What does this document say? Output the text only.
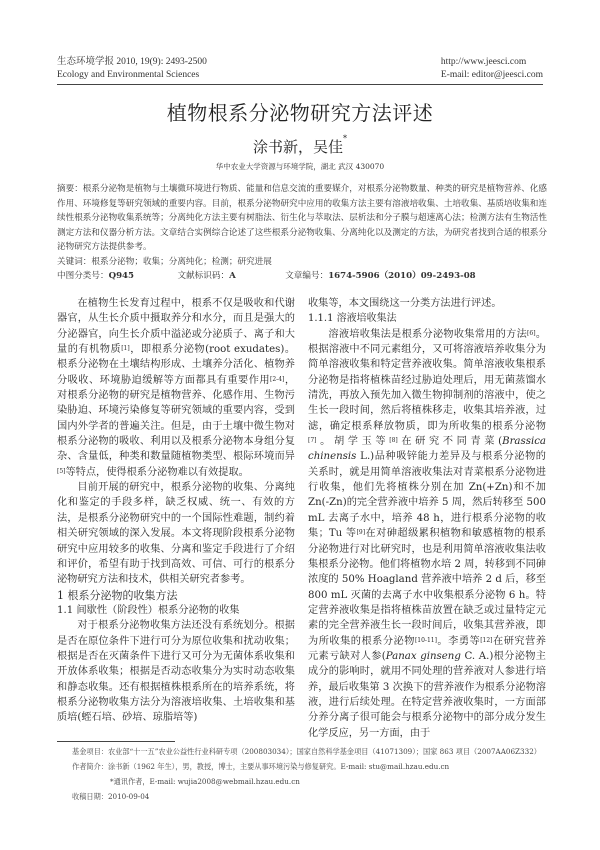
生态环境学报 2010, 19(9): 2493-2500
Ecology and Environmental Sciences
http://www.jeesci.com
E-mail: editor@jeesci.com
植物根系分泌物研究方法评述
涂书新，吴佳*
华中农业大学资源与环境学院，湖北 武汉 430070
摘要：根系分泌物是植物与土壤微环境进行物质、能量和信息交流的重要媒介，对根系分泌物数量、种类的研究是植物营养、化感作用、环境修复等研究领域的重要内容。目前，根系分泌物研究中应用的收集方法主要有溶液培收集、土培收集、基质培收集和连续性根系分泌物收集系统等；分离纯化方法主要有树脂法、衍生化与萃取法、层析法和分子膜与超速离心法；检测方法有生物活性测定方法和仪器分析方法。文章结合实例综合论述了这些根系分泌物收集、分离纯化以及测定的方法，为研究者找到合适的根系分泌物研究方法提供参考。
关键词：根系分泌物；收集；分离纯化；检测；研究进展
中图分类号：Q945	文献标识码：A	文章编号：1674-5906（2010）09-2493-08

在植物生长发育过程中，根系不仅是吸收和代谢器官，从生长介质中摄取养分和水分，而且是强大的分泌器官，向生长介质中溢泌或分泌质子、离子和大量的有机物质[1]，即根系分泌物(root exudates)。根系分泌物在土壤结构形成、土壤养分活化、植物养分吸收、环境胁迫缓解等方面都具有重要作用[2-4]，对根系分泌物的研究是植物营养、化感作用、生物污染胁迫、环境污染修复等研究领域的重要内容，受到国内外学者的普遍关注。但是，由于土壤中微生物对根系分泌物的吸收、利用以及根系分泌物本身组分复杂、含量低，种类和数量随植物类型、根际环境而异[5]等特点，使得根系分泌物难以有效提取。

目前开展的研究中，根系分泌物的收集、分离纯化和鉴定的手段多样，缺乏权威、统一、有效的方法，是根系分泌物研究中的一个国际性难题，制约着相关研究领域的深入发展。本文将现阶段根系分泌物研究中应用较多的收集、分离和鉴定手段进行了介绍和评价，希望有助于找到高效、可信、可行的根系分泌物研究方法和技术，供相关研究者参考。

1 根系分泌物的收集方法
1.1 间歇性（阶段性）根系分泌物的收集

对于根系分泌物收集方法还没有系统划分。根据是否在原位条件下进行可分为原位收集和扰动收集；根据是否在灭菌条件下进行又可分为无菌体系收集和开放体系收集；根据是否动态收集分为实时动态收集和静态收集。还有根据植株根系所在的培养系统，将根系分泌物收集方法分为溶液培收集、土培收集和基质培(蛭石培、砂培、琼脂培等)

收集等，本文围绕这一分类方法进行评述。

1.1.1 溶液培收集法

溶液培收集法是根系分泌物收集常用的方法[6]。根据溶液中不同元素组分，又可将溶液培养收集分为简单溶液收集和特定营养液收集。简单溶液收集根系分泌物是指将植株苗经过胁迫处理后，用无菌蒸馏水清洗，再放入预先加入微生物抑制剂的溶液中，使之生长一段时间，然后将植株移走，收集其培养液，过滤，确定根系释放物质，即为所收集的根系分泌物[7]。胡学玉等[8]在研究不同青菜(Brassica chinensis L.)品种吸锌能力差异及与根系分泌物的关系时，就是用简单溶液收集法对青菜根系分泌物进行收集，他们先将植株分别在加 Zn(+Zn)和不加 Zn(-Zn)的完全营养液中培养 5 周，然后转移至 500 mL 去离子水中，培养 48 h，进行根系分泌物的收集；Tu 等[9]在对砷超级累积植物和敏感植物的根系分泌物进行对比研究时，也是利用简单溶液收集法收集根系分泌物。他们将植物水培 2 周，转移到不同砷浓度的 50% Hoagland 营养液中培养 2 d 后，移至 800 mL 灭菌的去离子水中收集根系分泌物 6 h。特定营养液收集是指将植株苗放置在缺乏或过量特定元素的完全营养液生长一段时间后，收集其营养液，即为所收集的根系分泌物[10-11]。李勇等[12]在研究营养元素亏缺对人参(Panax ginseng C. A.)根分泌物主成分的影响时，就用不同处理的营养液对人参进行培养，最后收集第 3 次换下的营养液作为根系分泌物溶液，进行后续处理。在特定营养液收集时，一方面部分养分离子很可能会与根系分泌物中的部分成分发生化学反应，另一方面，由于

基金项目：农业部“十一五”农业公益性行业科研专项（200803034）；国家自然科学基金项目（41071309）；国家 863 项目（2007AA06Z332）
作者简介：涂书新（1962 年生），男，教授，博士，主要从事环境污染与修复研究。E-mail: stu@mail.hzau.edu.cn
*通讯作者，E-mail: wujia2008@webmail.hzau.edu.cn
收稿日期：2010-09-04
